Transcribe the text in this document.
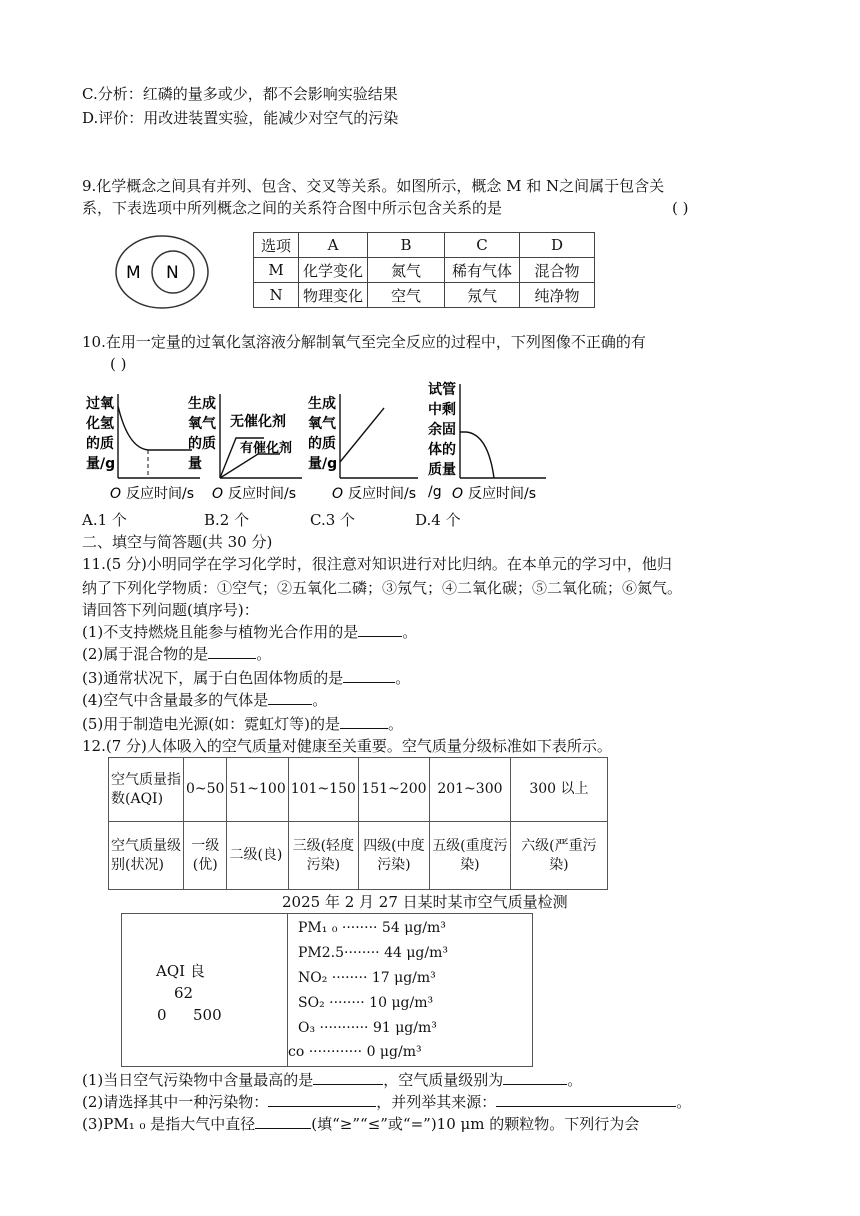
C.分析：红磷的量多或少，都不会影响实验结果
D.评价：用改进装置实验，能减少对空气的污染
9.化学概念之间具有并列、包含、交叉等关系。如图所示，概念 M 和 N之间属于包含关
系，下表选项中所列概念之间的关系符合图中所示包含关系的是	( )
M N
选项	A	B	C	D
M	化学变化	氮气	稀有气体	混合物
N	物理变化	空气	氖气	纯净物
10.在用一定量的过氧化氢溶液分解制氧气至完全反应的过程中，下列图像不正确的有
( )
过氧
化氢
的质
量/g
O 反应时间/s
生成
氧气
的质
量
无催化剂
有催化剂
O 反应时间/s
生成
氧气
的质
量/g
O 反应时间/s
试管
中剩
余固
体的
质量
/g O 反应时间/s
A.1 个	B.2 个	C.3 个	D.4 个
二、填空与简答题(共 30 分)
11.(5 分)小明同学在学习化学时，很注意对知识进行对比归纳。在本单元的学习中，他归
纳了下列化学物质：①空气；②五氧化二磷；③氖气；④二氧化碳；⑤二氧化硫；⑥氮气。
请回答下列问题(填序号)：
(1)不支持燃烧且能参与植物光合作用的是	。
(2)属于混合物的是	。
(3)通常状况下，属于白色固体物质的是	。
(4)空气中含量最多的气体是	。
(5)用于制造电光源(如：霓虹灯等)的是	。
12.(7 分)人体吸入的空气质量对健康至关重要。空气质量分级标准如下表所示。
空气质量指数(AQI)	0~50	51~100	101~150	151~200	201~300	300 以上
空气质量级别(状况)	一级(优)	二级(良)	三级(轻度污染)	四级(中度污染)	五级(重度污染)	六级(严重污染)
2025 年 2 月 27 日某时某市空气质量检测
AQI 良
62
0 500
PM₁ ₀ ········ 54 μg/m³
PM2.5········ 44 μg/m³
NO₂ ········ 17 μg/m³
SO₂ ········ 10 μg/m³
O₃ ··········· 91 μg/m³
co ············ 0 μg/m³
(1)当日空气污染物中含量最高的是	，空气质量级别为	。
(2)请选择其中一种污染物：	，并列举其来源：	。
(3)PM₁ ₀ 是指大气中直径	(填“≥”“≤”或“=”)10 μm 的颗粒物。下列行为会
